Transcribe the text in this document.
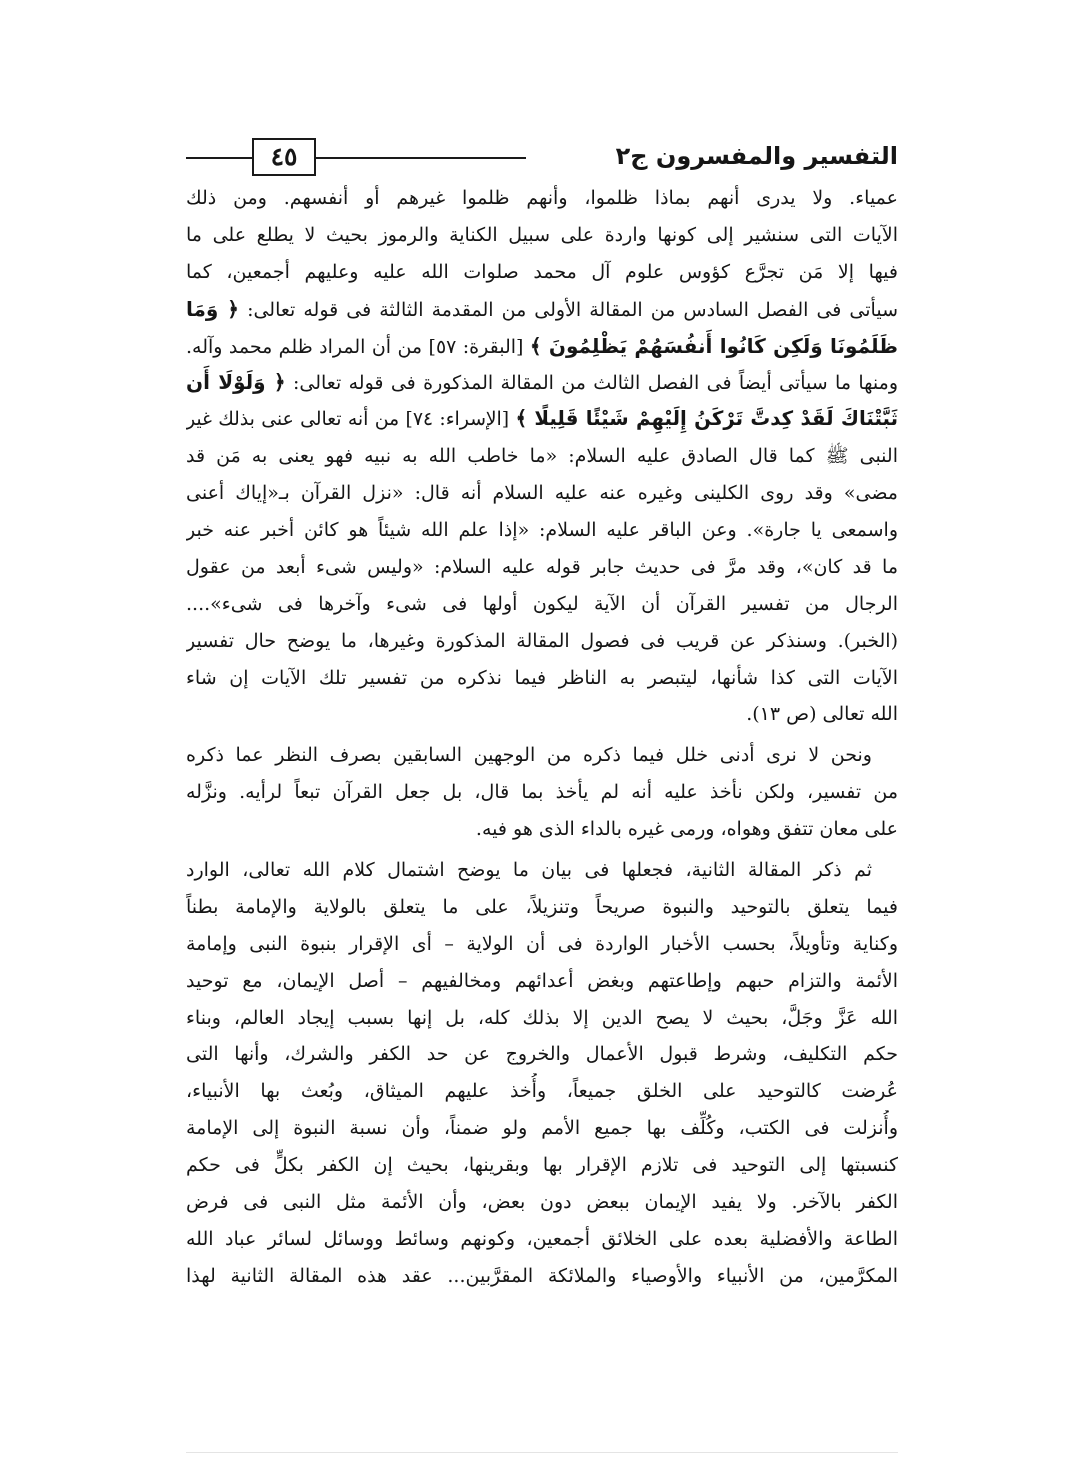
٤٥	التفسير والمفسرون ج٢
عمياء. ولا يدرى أنهم بماذا ظلموا، وأنهم ظلموا غيرهم أو أنفسهم. ومن ذلك
الآيات التى سنشير إلى كونها واردة على سبيل الكناية والرموز بحيث لا يطلع على ما
فيها إلا مَن تجرَّع كؤوس علوم آل محمد صلوات الله عليه وعليهم أجمعين، كما
سيأتى فى الفصل السادس من المقالة الأولى من المقدمة الثالثة فى قوله تعالى: ﴿ وَمَا
ظَلَمُونَا وَلَكِن كَانُوا أَنفُسَهُمْ يَظْلِمُونَ ﴾ [البقرة: ٥٧] من أن المراد ظلم محمد وآله.
ومنها ما سيأتى أيضاً فى الفصل الثالث من المقالة المذكورة فى قوله تعالى: ﴿ وَلَوْلَا أَن
ثَبَّتْنَاكَ لَقَدْ كِدتَّ تَرْكَنُ إِلَيْهِمْ شَيْئًا قَلِيلًا ﴾ [الإسراء: ٧٤] من أنه تعالى عنى بذلك غير
النبى ﷺ كما قال الصادق عليه السلام: «ما خاطب الله به نبيه فهو يعنى به مَن قد
مضى» وقد روى الكلينى وغيره عنه عليه السلام أنه قال: «نزل القرآن بـ«إياك أعنى
واسمعى يا جارة». وعن الباقر عليه السلام: «إذا علم الله شيئاً هو كائن أخبر عنه خبر
ما قد كان»، وقد مرَّ فى حديث جابر قوله عليه السلام: «وليس شىء أبعد من عقول
الرجال من تفسير القرآن أن الآية ليكون أولها فى شىء وآخرها فى شىء»....
(الخبر). وسنذكر عن قريب فى فصول المقالة المذكورة وغيرها، ما يوضح حال تفسير
الآيات التى كذا شأنها، ليتبصر به الناظر فيما نذكره من تفسير تلك الآيات إن شاء
الله تعالى (ص ١٣).
ونحن لا نرى أدنى خلل فيما ذكره من الوجهين السابقين بصرف النظر عما ذكره
من تفسير، ولكن نأخذ عليه أنه لم يأخذ بما قال، بل جعل القرآن تبعاً لرأيه. ونزَّله
على معان تتفق وهواه، ورمى غيره بالداء الذى هو فيه.
ثم ذكر المقالة الثانية، فجعلها فى بيان ما يوضح اشتمال كلام الله تعالى، الوارد
فيما يتعلق بالتوحيد والنبوة صريحاً وتنزيلاً، على ما يتعلق بالولاية والإمامة بطناً
وكناية وتأويلاً، بحسب الأخبار الواردة فى أن الولاية – أى الإقرار بنبوة النبى وإمامة
الأئمة والتزام حبهم وإطاعتهم وبغض أعدائهم ومخالفيهم – أصل الإيمان، مع توحيد
الله عَزَّ وجَلَّ، بحيث لا يصح الدين إلا بذلك كله، بل إنها بسبب إيجاد العالم، وبناء
حكم التكليف، وشرط قبول الأعمال والخروج عن حد الكفر والشرك، وأنها التى
عُرضت كالتوحيد على الخلق جميعاً، وأُخذ عليهم الميثاق، وبُعث بها الأنبياء،
وأُنزلت فى الكتب، وكُلِّف بها جميع الأمم ولو ضمناً، وأن نسبة النبوة إلى الإمامة
كنسبتها إلى التوحيد فى تلازم الإقرار بها وبقرينها، بحيث إن الكفر بكلٍّ فى حكم
الكفر بالآخر. ولا يفيد الإيمان ببعض دون بعض، وأن الأئمة مثل النبى فى فرض
الطاعة والأفضلية بعده على الخلائق أجمعين، وكونهم وسائط ووسائل لسائر عباد الله
المكرَّمين، من الأنبياء والأوصياء والملائكة المقرَّبين... عقد هذه المقالة الثانية لهذا
